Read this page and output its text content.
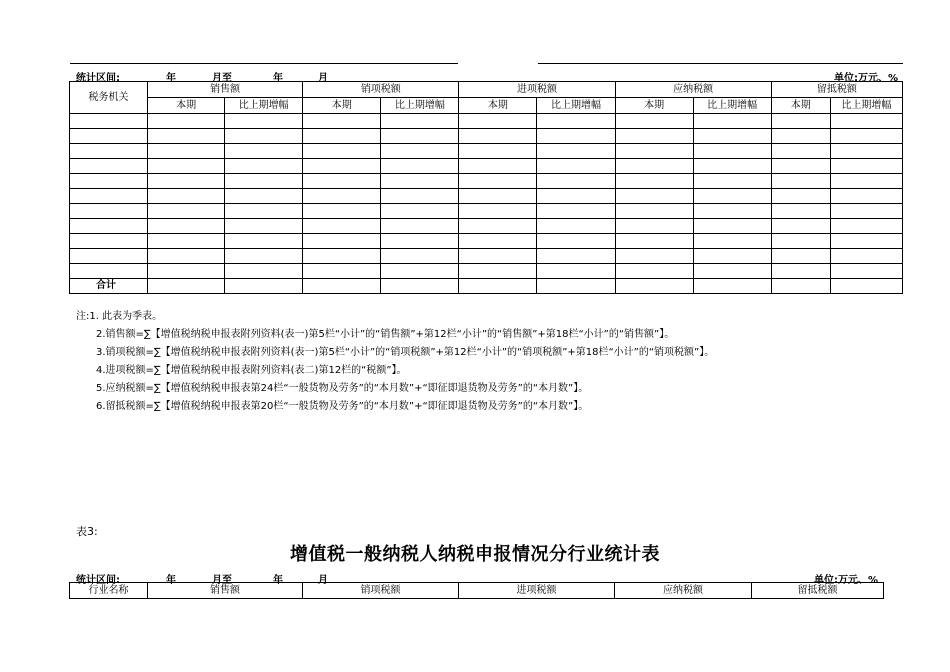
统计区间:	年	月至	年	月	单位:万元、%
税务机关	销售额		销项税额		进项税额		应纳税额		留抵税额	
	本期	比上期增幅	本期	比上期增幅	本期	比上期增幅	本期	比上期增幅	本期	比上期增幅

合计										
注:1. 此表为季表。
2.销售额=∑【增值税纳税申报表附列资料(表一)第5栏“小计”的“销售额”+第12栏“小计”的“销售额”+第18栏“小计”的“销售额”】。
3.销项税额=∑【增值税纳税申报表附列资料(表一)第5栏“小计”的“销项税额”+第12栏“小计”的“销项税额”+第18栏“小计”的“销项税额”】。
4.进项税额=∑【增值税纳税申报表附列资料(表二)第12栏的“税额”】。
5.应纳税额=∑【增值税纳税申报表第24栏“一般货物及劳务”的“本月数”+“即征即退货物及劳务”的“本月数”】。
6.留抵税额=∑【增值税纳税申报表第20栏“一般货物及劳务”的“本月数”+“即征即退货物及劳务”的“本月数”】。
表3:
增值税一般纳税人纳税申报情况分行业统计表
统计区间:	年	月至	年	月	单位:万元、%
行业名称	销售额	销项税额	进项税额	应纳税额	留抵税额
